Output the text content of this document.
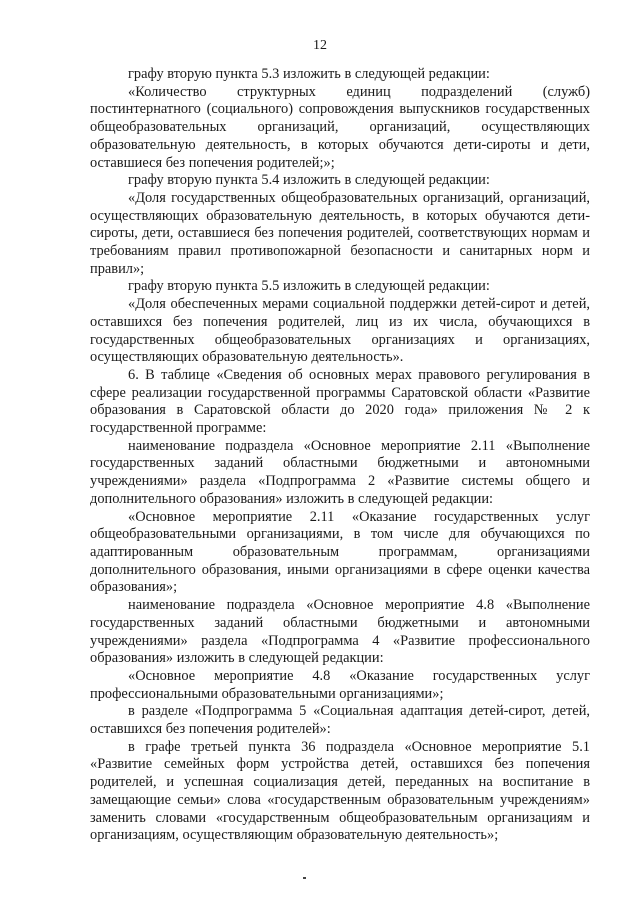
12

графу вторую пункта 5.3 изложить в следующей редакции:

«Количество структурных единиц подразделений (служб) постинтернатного (социального) сопровождения выпускников государственных общеобразовательных организаций, организаций, осуществляющих образовательную деятельность, в которых обучаются дети-сироты и дети, оставшиеся без попечения родителей;»;

графу вторую пункта 5.4 изложить в следующей редакции:

«Доля государственных общеобразовательных организаций, организаций, осуществляющих образовательную деятельность, в которых обучаются дети-сироты, дети, оставшиеся без попечения родителей, соответствующих нормам и требованиям правил противопожарной безопасности и санитарных норм и правил»;

графу вторую пункта 5.5 изложить в следующей редакции:

«Доля обеспеченных мерами социальной поддержки детей-сирот и детей, оставшихся без попечения родителей, лиц из их числа, обучающихся в государственных общеобразовательных организациях и организациях, осуществляющих образовательную деятельность».

6. В таблице «Сведения об основных мерах правового регулирования в сфере реализации государственной программы Саратовской области «Развитие образования в Саратовской области до 2020 года» приложения № 2 к государственной программе:

наименование подраздела «Основное мероприятие 2.11 «Выполнение государственных заданий областными бюджетными и автономными учреждениями» раздела «Подпрограмма 2 «Развитие системы общего и дополнительного образования» изложить в следующей редакции:

«Основное мероприятие 2.11 «Оказание государственных услуг общеобразовательными организациями, в том числе для обучающихся по адаптированным образовательным программам, организациями дополнительного образования, иными организациями в сфере оценки качества образования»;

наименование подраздела «Основное мероприятие 4.8 «Выполнение государственных заданий областными бюджетными и автономными учреждениями» раздела «Подпрограмма 4 «Развитие профессионального образования» изложить в следующей редакции:

«Основное мероприятие 4.8 «Оказание государственных услуг профессиональными образовательными организациями»;

в разделе «Подпрограмма 5 «Социальная адаптация детей-сирот, детей, оставшихся без попечения родителей»:

в графе третьей пункта 36 подраздела «Основное мероприятие 5.1 «Развитие семейных форм устройства детей, оставшихся без попечения родителей, и успешная социализация детей, переданных на воспитание в замещающие семьи» слова «государственным образовательным учреждениям» заменить словами «государственным общеобразовательным организациям и организациям, осуществляющим образовательную деятельность»;
